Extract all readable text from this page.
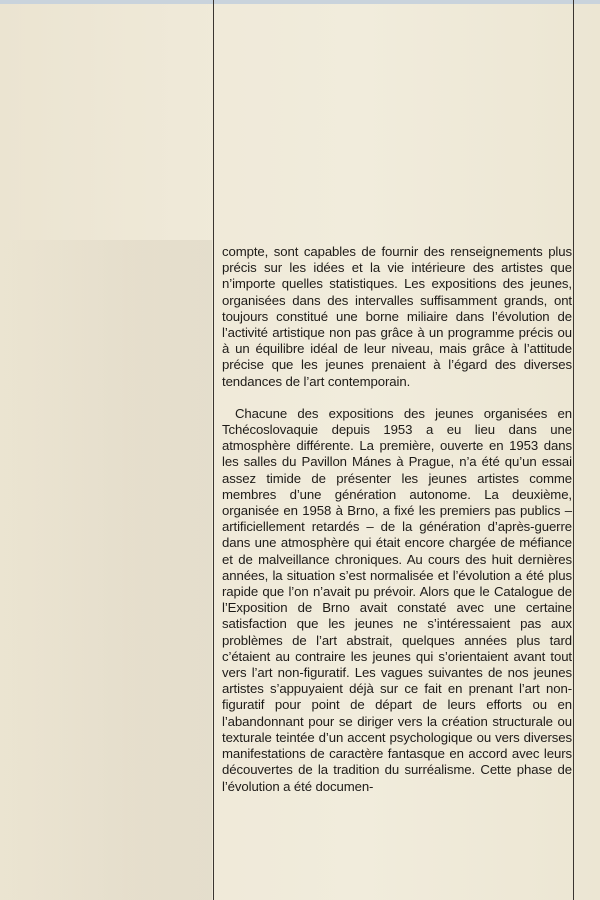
compte, sont capables de fournir des renseignements plus précis sur les idées et la vie intérieure des artistes que n’importe quelles statistiques. Les expositions des jeunes, organisées dans des intervalles suffisamment grands, ont toujours constitué une borne miliaire dans l’évolution de l’activité artistique non pas grâce à un programme précis ou à un équilibre idéal de leur niveau, mais grâce à l’attitude précise que les jeunes prenaient à l’égard des diverses tendances de l’art contemporain.

Chacune des expositions des jeunes organisées en Tchécoslovaquie depuis 1953 a eu lieu dans une atmosphère différente. La première, ouverte en 1953 dans les salles du Pavillon Mánes à Prague, n’a été qu’un essai assez timide de présenter les jeunes artistes comme membres d’une génération autonome. La deuxième, organisée en 1958 à Brno, a fixé les premiers pas publics – artificiellement retardés – de la génération d’après-guerre dans une atmosphère qui était encore chargée de méfiance et de malveillance chroniques. Au cours des huit dernières années, la situation s’est normalisée et l’évolution a été plus rapide que l’on n’avait pu prévoir. Alors que le Catalogue de l’Exposition de Brno avait constaté avec une certaine satisfaction que les jeunes ne s’intéressaient pas aux problèmes de l’art abstrait, quelques années plus tard c’étaient au contraire les jeunes qui s’orientaient avant tout vers l’art non-figuratif. Les vagues suivantes de nos jeunes artistes s’appuyaient déjà sur ce fait en prenant l’art non-figuratif pour point de départ de leurs efforts ou en l’abandonnant pour se diriger vers la création structurale ou texturale teintée d’un accent psychologique ou vers diverses manifestations de caractère fantasque en accord avec leurs découvertes de la tradition du surréalisme. Cette phase de l’évolution a été documen-
